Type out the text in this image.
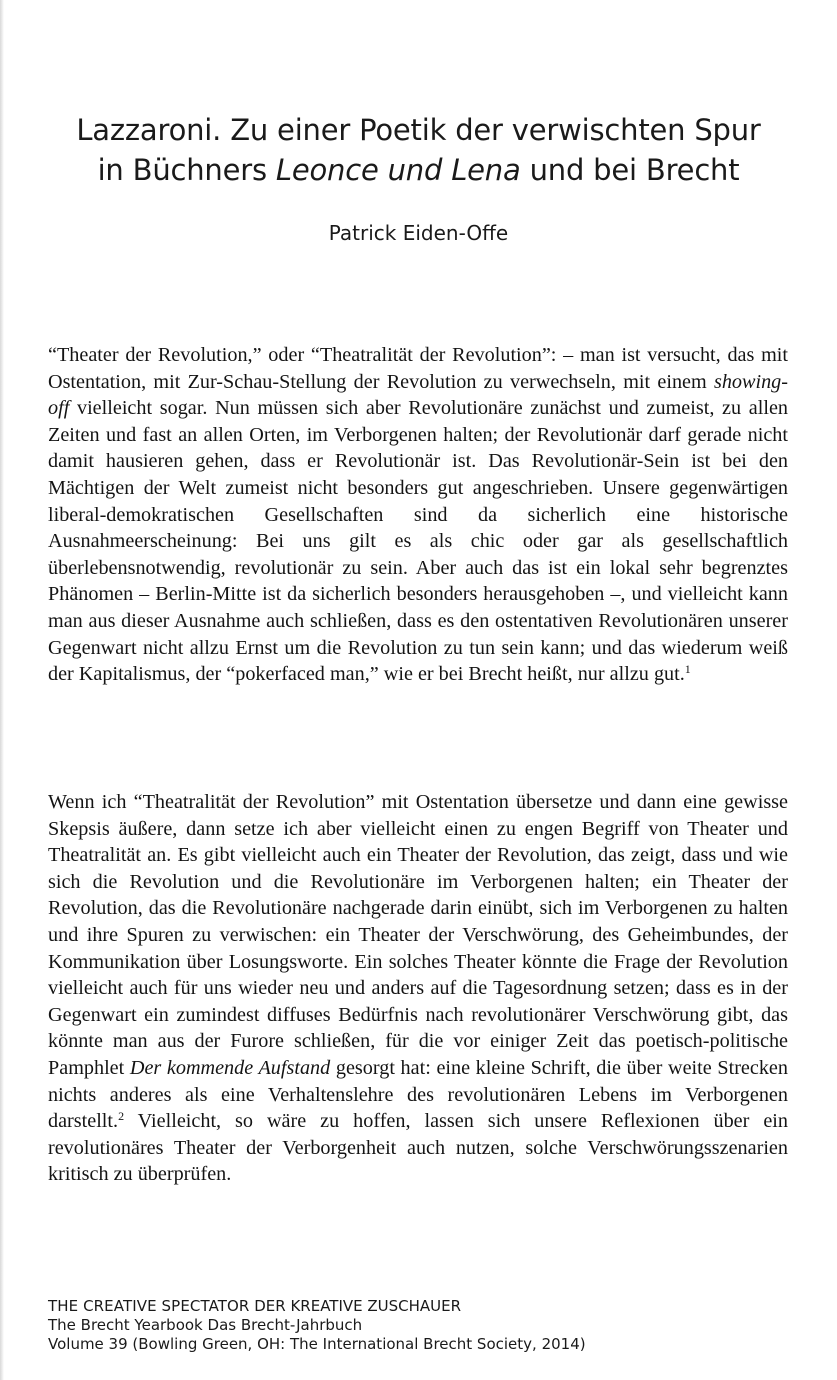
Lazzaroni. Zu einer Poetik der verwischten Spur
in Büchners Leonce und Lena und bei Brecht

Patrick Eiden-Offe

“Theater der Revolution,” oder “Theatralität der Revolution”: – man ist versucht, das mit Ostentation, mit Zur-Schau-Stellung der Revolution zu verwechseln, mit einem showing-off vielleicht sogar. Nun müssen sich aber Revolutionäre zunächst und zumeist, zu allen Zeiten und fast an allen Orten, im Verborgenen halten; der Revolutionär darf gerade nicht damit hausieren gehen, dass er Revolutionär ist. Das Revolutionär-Sein ist bei den Mächtigen der Welt zumeist nicht besonders gut angeschrieben. Unsere gegenwärtigen liberal-demokratischen Gesellschaften sind da sicherlich eine historische Ausnahmeerscheinung: Bei uns gilt es als chic oder gar als gesellschaftlich überlebensnotwendig, revolutionär zu sein. Aber auch das ist ein lokal sehr begrenztes Phänomen – Berlin-Mitte ist da sicherlich besonders herausgehoben –, und vielleicht kann man aus dieser Ausnahme auch schließen, dass es den ostentativen Revolutionären unserer Gegenwart nicht allzu Ernst um die Revolution zu tun sein kann; und das wiederum weiß der Kapitalismus, der “pokerfaced man,” wie er bei Brecht heißt, nur allzu gut.$^1$

Wenn ich “Theatralität der Revolution” mit Ostentation übersetze und dann eine gewisse Skepsis äußere, dann setze ich aber vielleicht einen zu engen Begriff von Theater und Theatralität an. Es gibt vielleicht auch ein Theater der Revolution, das zeigt, dass und wie sich die Revolution und die Revolutionäre im Verborgenen halten; ein Theater der Revolution, das die Revolutionäre nachgerade darin einübt, sich im Verborgenen zu halten und ihre Spuren zu verwischen: ein Theater der Verschwörung, des Geheimbundes, der Kommunikation über Losungsworte. Ein solches Theater könnte die Frage der Revolution vielleicht auch für uns wieder neu und anders auf die Tagesordnung setzen; dass es in der Gegenwart ein zumindest diffuses Bedürfnis nach revolutionärer Verschwörung gibt, das könnte man aus der Furore schließen, für die vor einiger Zeit das poetisch-politische Pamphlet Der kommende Aufstand gesorgt hat: eine kleine Schrift, die über weite Strecken nichts anderes als eine Verhaltenslehre des revolutionären Lebens im Verborgenen darstellt.$^2$ Vielleicht, so wäre zu hoffen, lassen sich unsere Reflexionen über ein revolutionäres Theater der Verborgenheit auch nutzen, solche Verschwörungsszenarien kritisch zu überprüfen.

THE CREATIVE SPECTATOR DER KREATIVE ZUSCHAUER
The Brecht Yearbook Das Brecht-Jahrbuch
Volume 39 (Bowling Green, OH: The International Brecht Society, 2014)
